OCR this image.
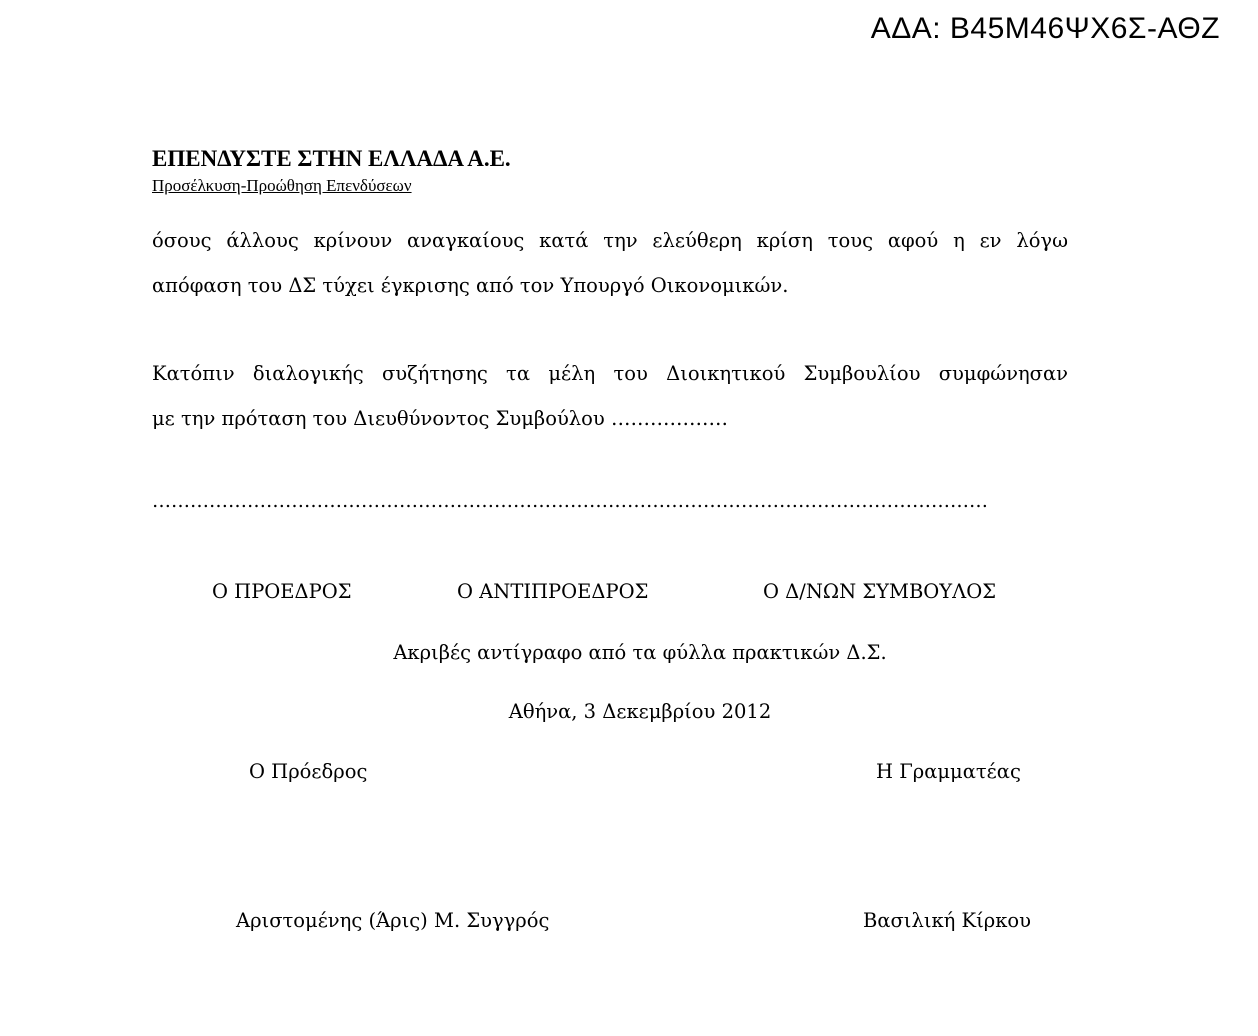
ΑΔΑ: Β45Μ46ΨΧ6Σ-ΑΘΖ
ΕΠΕΝΔΥΣΤΕ ΣΤΗΝ ΕΛΛΑΔΑ Α.Ε.
Προσέλκυση-Προώθηση Επενδύσεων

όσους άλλους κρίνουν αναγκαίους κατά την ελεύθερη κρίση τους αφού η εν λόγω

απόφαση του ΔΣ τύχει έγκρισης από τον Υπουργό Οικονομικών.

Κατόπιν διαλογικής συζήτησης τα μέλη του Διοικητικού Συμβουλίου συμφώνησαν

με την πρόταση του Διευθύνοντος Συμβούλου ………………

……………………………………………………………………………………………………………………
Ο ΠΡΟΕΔΡΟΣ	Ο ΑΝΤΙΠΡΟΕΔΡΟΣ	Ο Δ/ΝΩΝ ΣΥΜΒΟΥΛΟΣ
Ακριβές αντίγραφο από τα φύλλα πρακτικών Δ.Σ.
Αθήνα, 3 Δεκεμβρίου 2012
Ο Πρόεδρος	Η Γραμματέας
Αριστομένης (Άρις) Μ. Συγγρός	Βασιλική Κίρκου
